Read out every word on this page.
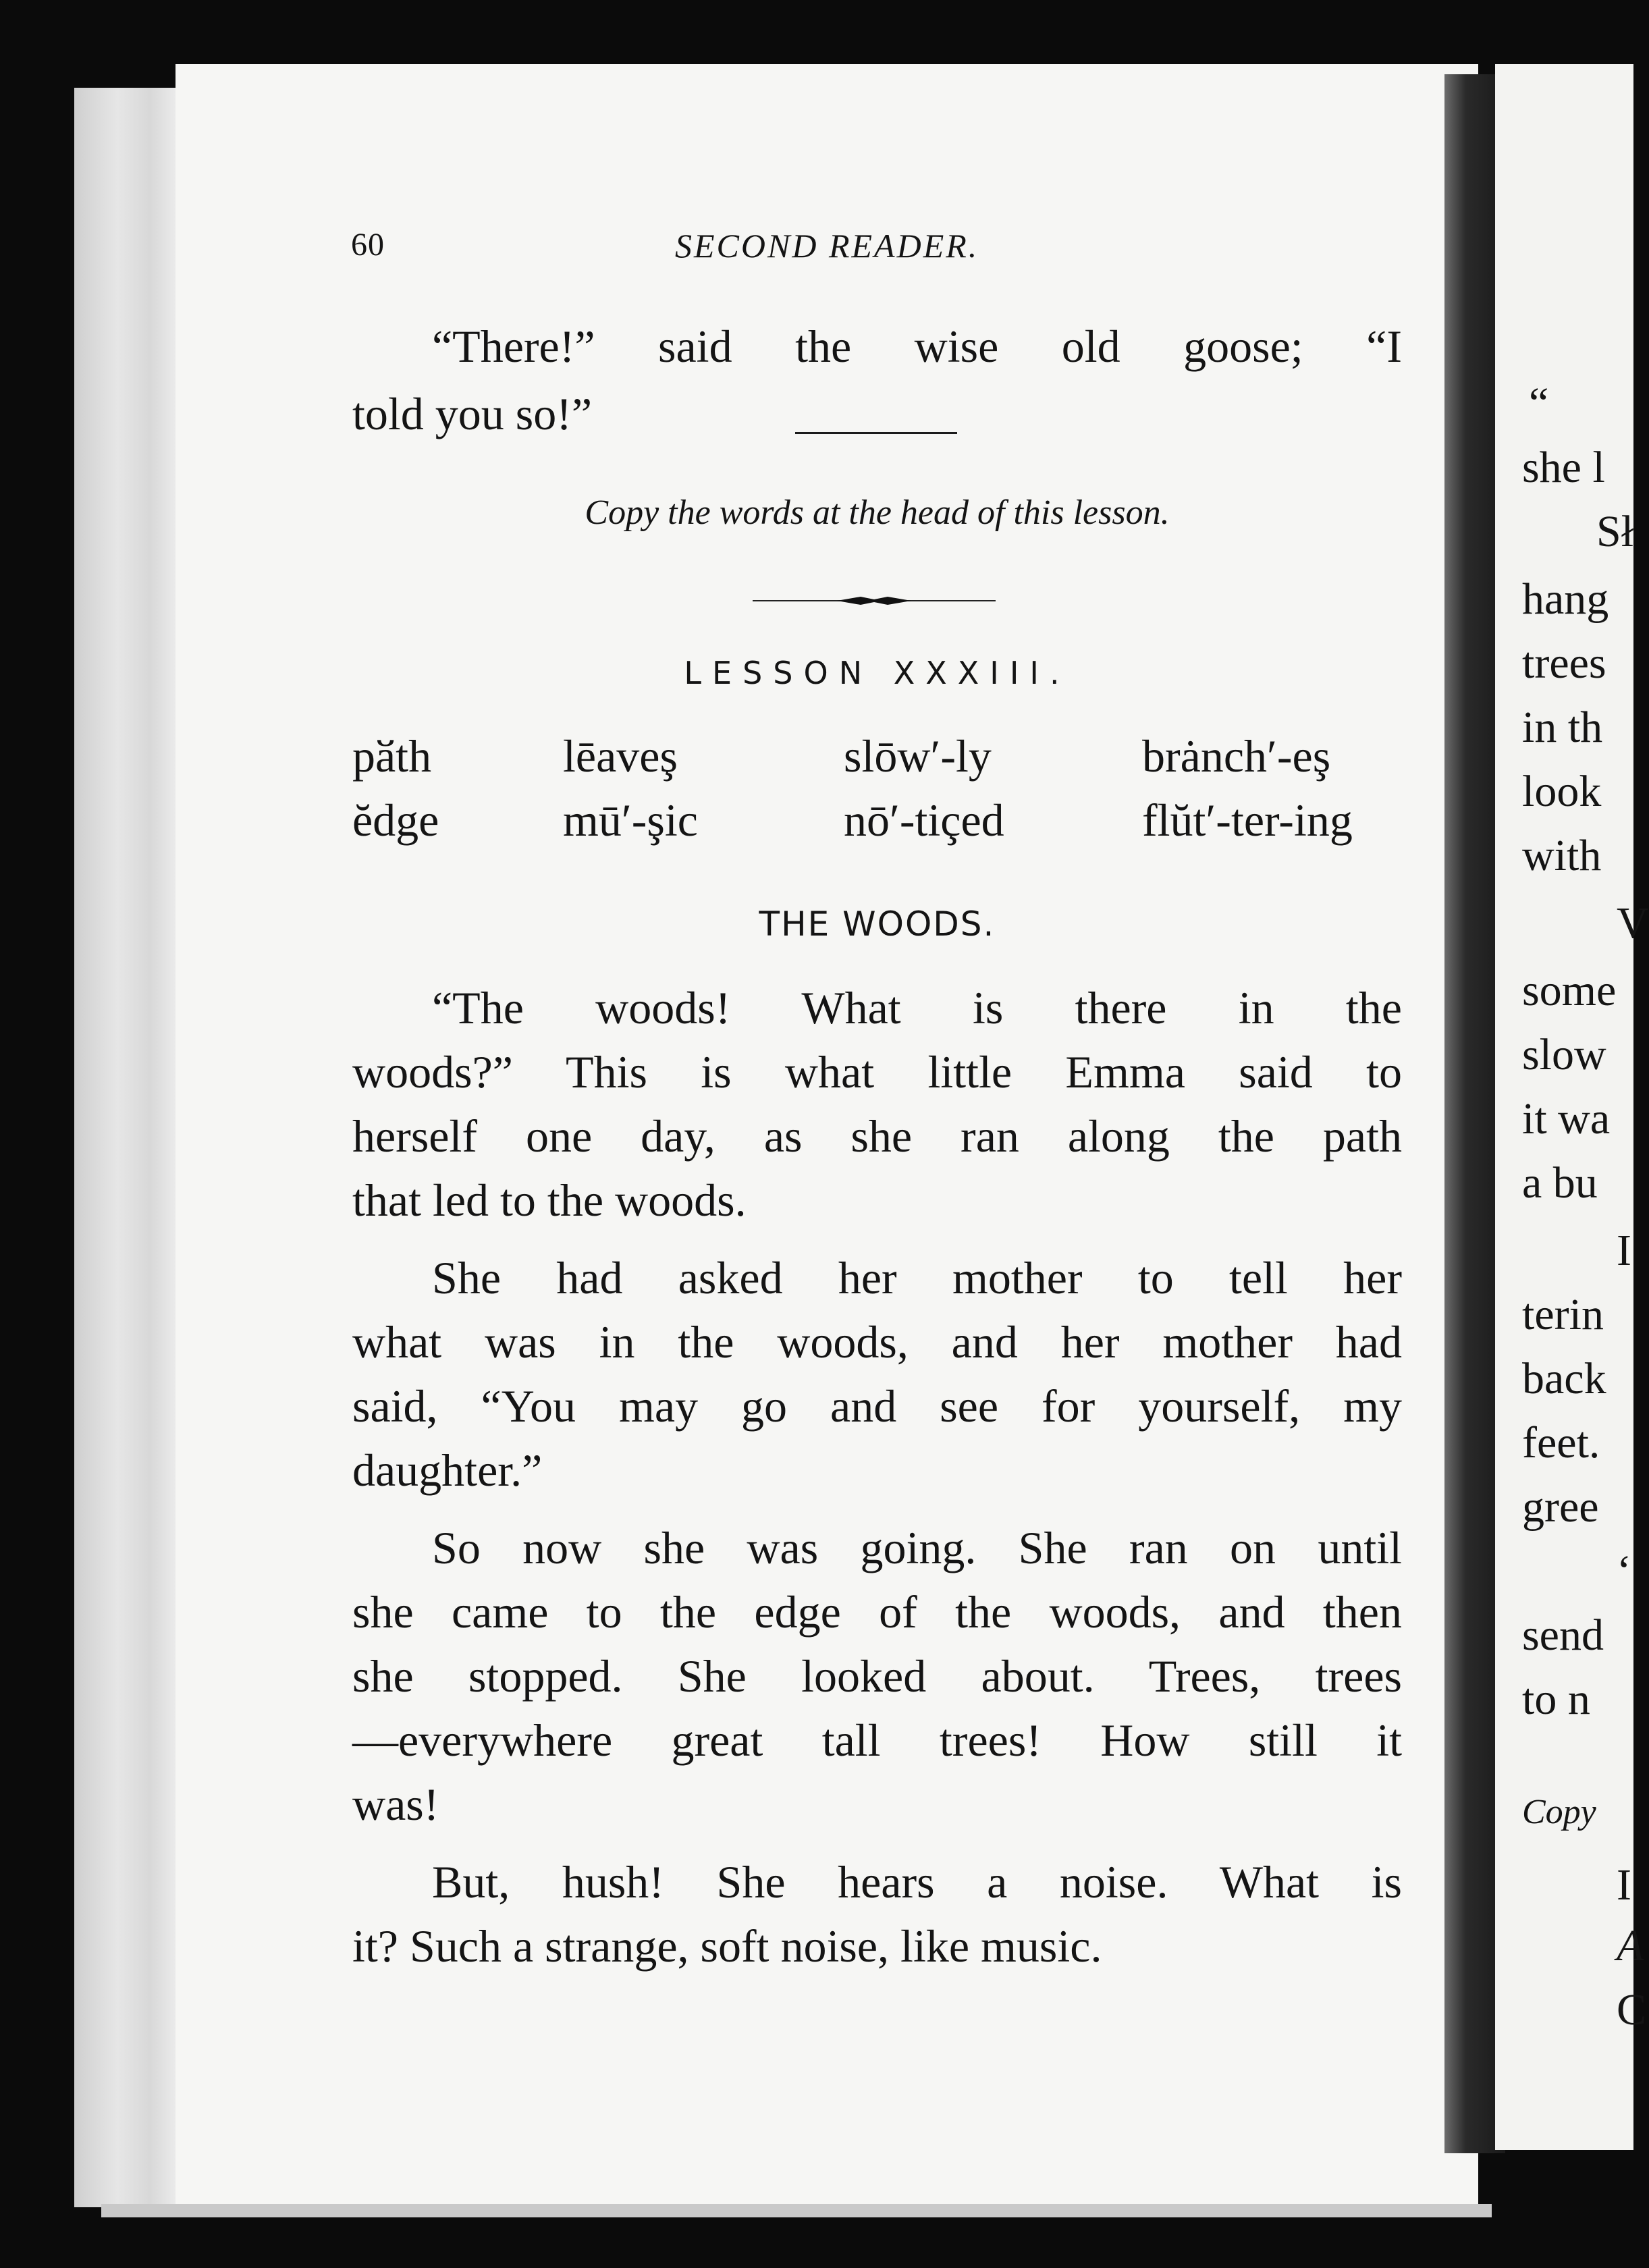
“
she l
Sł
hang
trees
in th
look
with
V
some
slow
it wa
a bu
I
terin
back
feet.
gree
‘
send
to n
Copy
I
A
C
60	SECOND READER.
“There!” said the wise old goose; “I
told you so!”
Copy the words at the head of this lesson.
LESSON XXXIII.
pӑth	lēaveş	slōw′-ly	brȧnch′-eş
ĕdge	mū′-şic	nō′-tiçed	flŭt′-ter-ing
THE WOODS.
“The woods! What is there in the
woods?” This is what little Emma said to
herself one day, as she ran along the path
that led to the woods.
She had asked her mother to tell her
what was in the woods, and her mother had
said, “You may go and see for yourself, my
daughter.”
So now she was going. She ran on until
she came to the edge of the woods, and then
she stopped. She looked about. Trees, trees
—everywhere great tall trees! How still it
was!
But, hush! She hears a noise. What is
it? Such a strange, soft noise, like music.
